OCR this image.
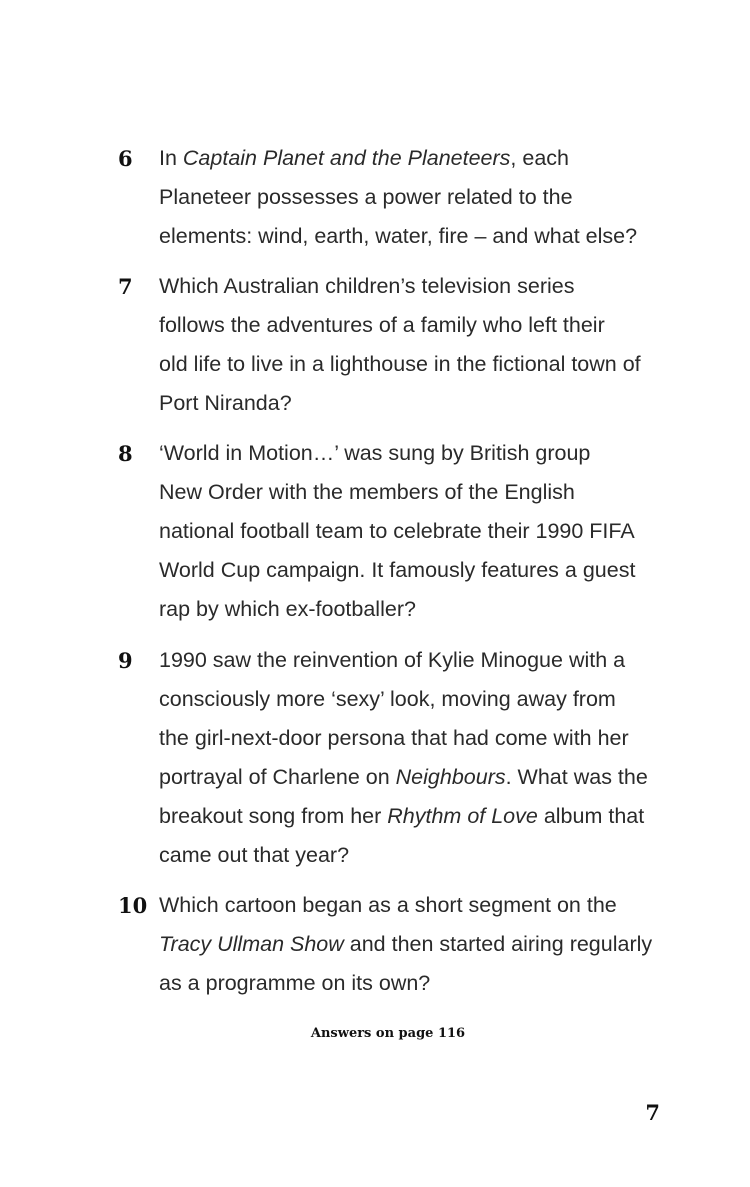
6 In Captain Planet and the Planeteers, each
Planeteer possesses a power related to the
elements: wind, earth, water, fire – and what else?
7 Which Australian children’s television series
follows the adventures of a family who left their
old life to live in a lighthouse in the fictional town of
Port Niranda?
8 ‘World in Motion…’ was sung by British group
New Order with the members of the English
national football team to celebrate their 1990 FIFA
World Cup campaign. It famously features a guest
rap by which ex-footballer?
9 1990 saw the reinvention of Kylie Minogue with a
consciously more ‘sexy’ look, moving away from
the girl-next-door persona that had come with her
portrayal of Charlene on Neighbours. What was the
breakout song from her Rhythm of Love album that
came out that year?
10 Which cartoon began as a short segment on the
Tracy Ullman Show and then started airing regularly
as a programme on its own?
Answers on page 116
7
